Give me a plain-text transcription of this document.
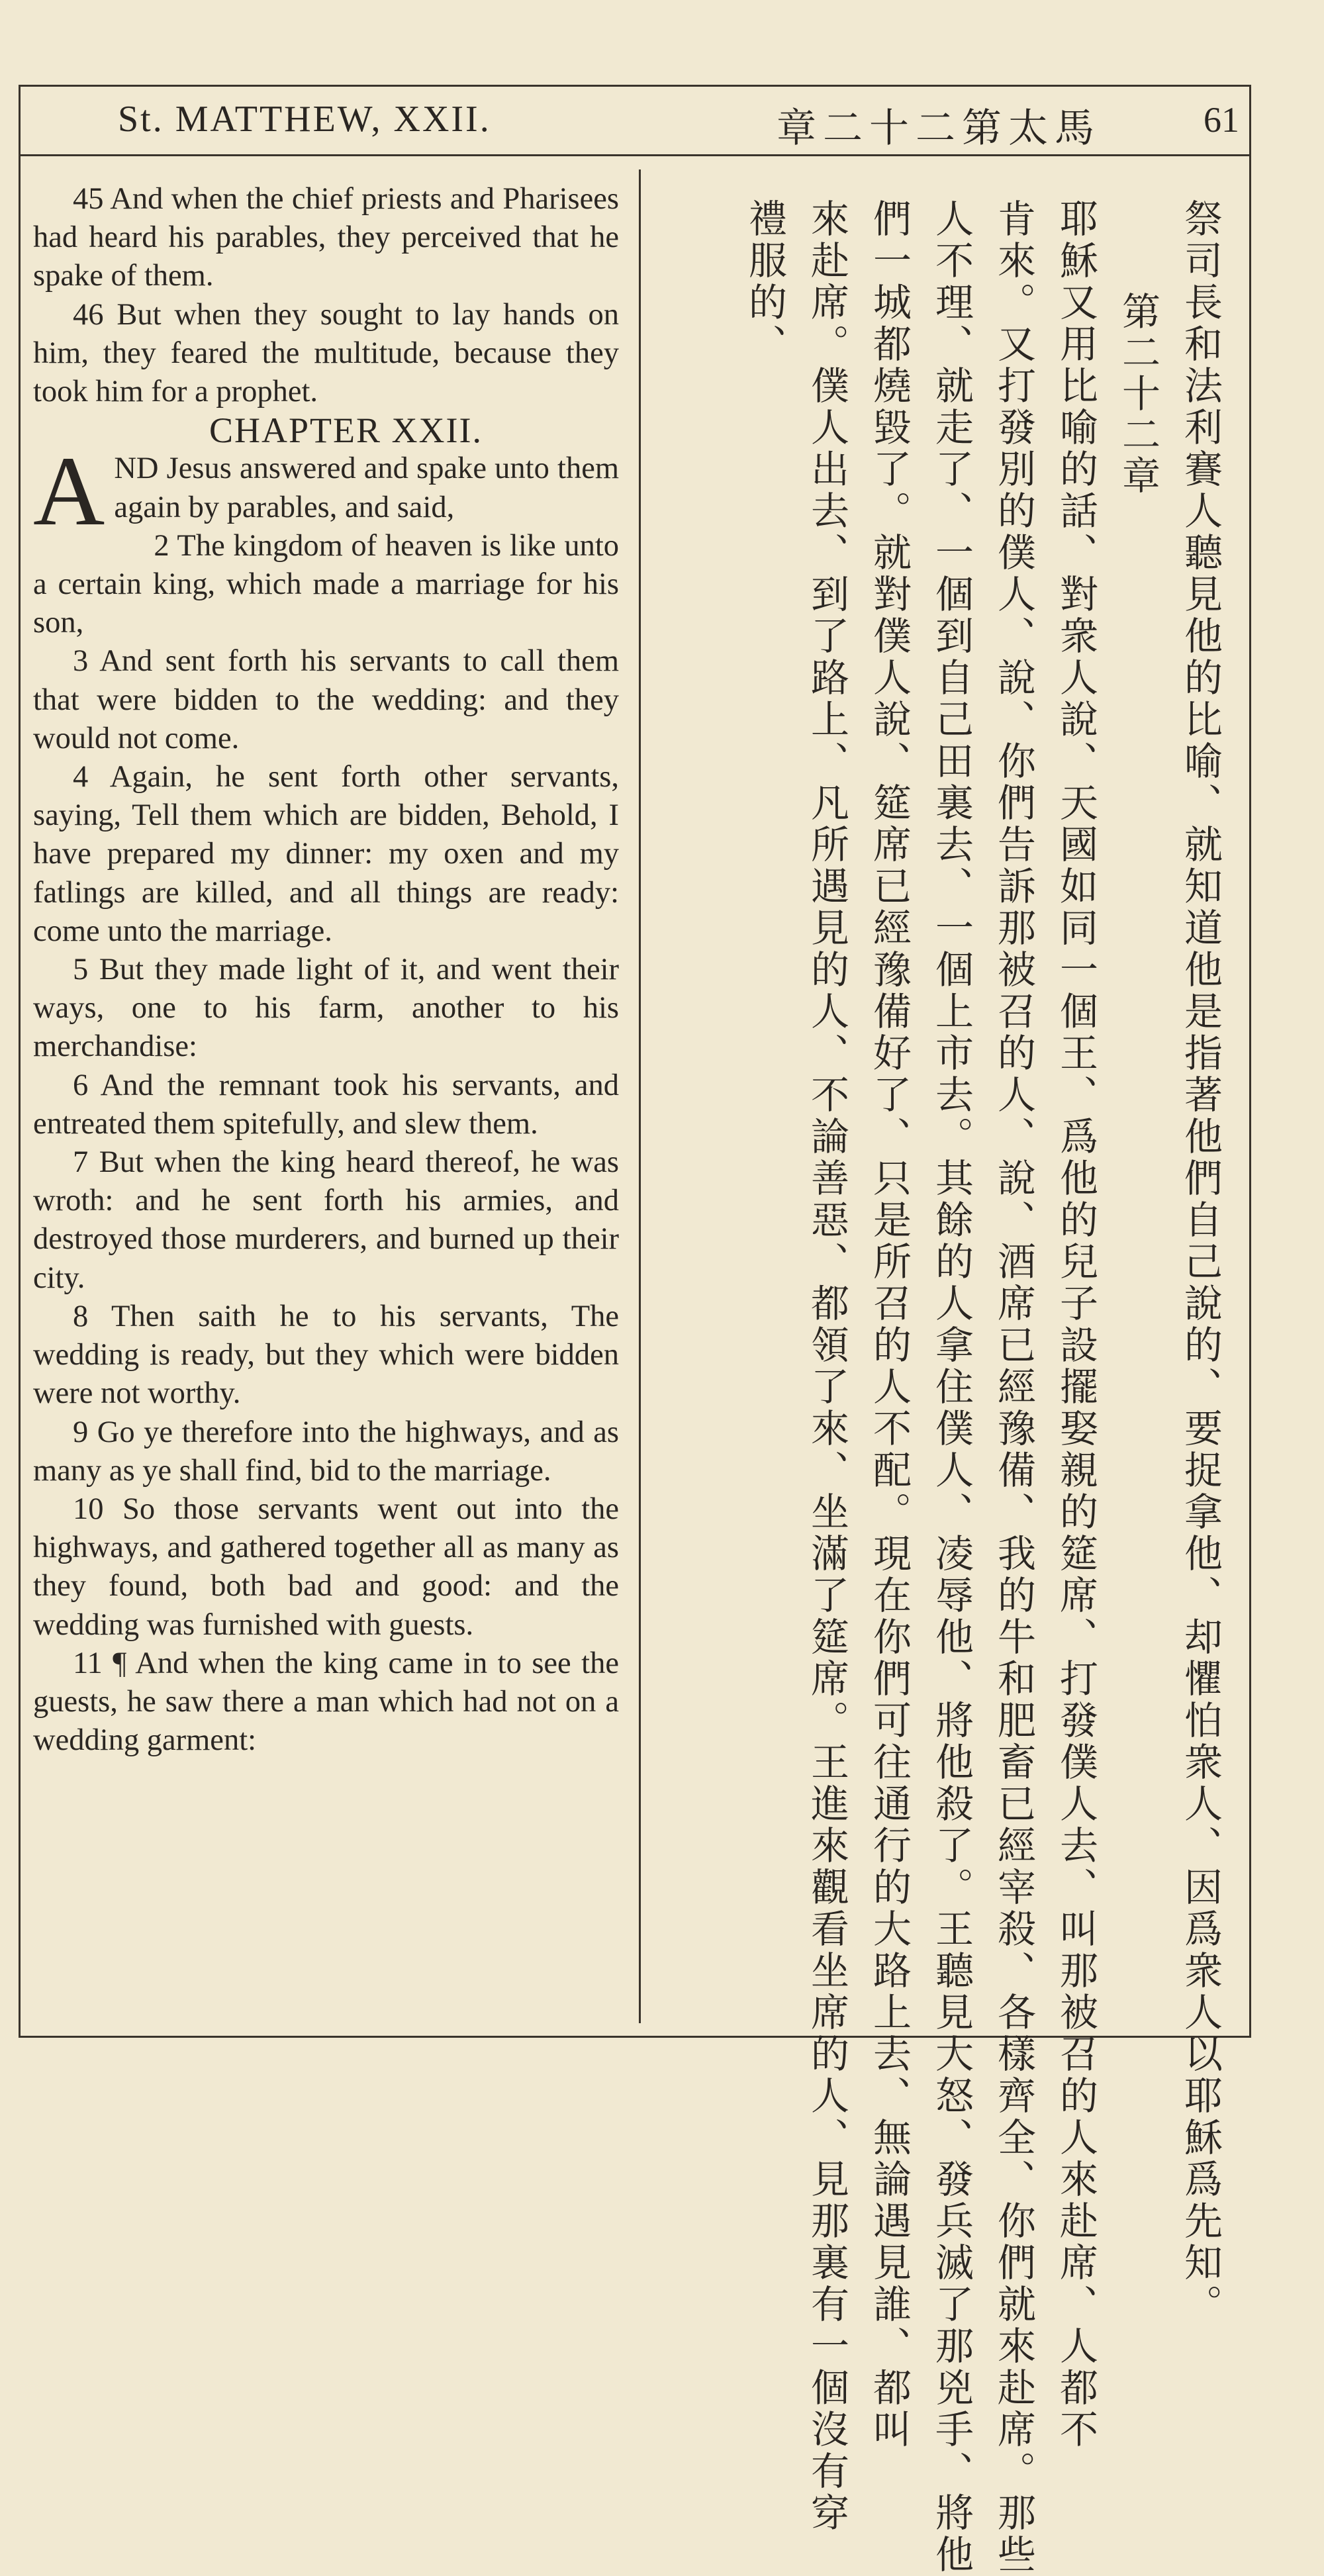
St. MATTHEW, XXII.	章二十二第太馬	61

45 And when the chief priests and Pharisees had heard his parables, they perceived that he spake of them.

46 But when they sought to lay hands on him, they feared the multitude, because they took him for a prophet.

CHAPTER XXII.

AND Jesus answered and spake unto them again by parables, and said,

2 The kingdom of heaven is like unto a certain king, which made a marriage for his son,

3 And sent forth his servants to call them that were bidden to the wedding: and they would not come.

4 Again, he sent forth other servants, saying, Tell them which are bidden, Behold, I have prepared my dinner: my oxen and my fatlings are killed, and all things are ready: come unto the marriage.

5 But they made light of it, and went their ways, one to his farm, another to his merchandise:

6 And the remnant took his servants, and entreated them spitefully, and slew them.

7 But when the king heard thereof, he was wroth: and he sent forth his armies, and destroyed those murderers, and burned up their city.

8 Then saith he to his servants, The wedding is ready, but they which were bidden were not worthy.

9 Go ye therefore into the highways, and as many as ye shall find, bid to the marriage.

10 So those servants went out into the highways, and gathered together all as many as they found, both bad and good: and the wedding was furnished with guests.

11 ¶ And when the king came in to see the guests, he saw there a man which had not on a wedding garment:	祭司長和法利賽人聽見他的比喻、就知道他是指著他們自己說的、要捉拿他、却懼怕衆人、因爲衆人以耶穌爲先知。
第二十二章
耶穌又用比喻的話、對衆人說、天國如同一個王、爲他的兒子設擺娶親的筵席、打發僕人去、叫那被召的人來赴席、人都不
肯來。又打發別的僕人、說、你們告訴那被召的人、說、酒席已經豫備、我的牛和肥畜已經宰殺、各樣齊全、你們就來赴席。那些
人不理、就走了、一個到自己田裏去、一個上市去。其餘的人拿住僕人、凌辱他、將他殺了。王聽見大怒、發兵滅了那兇手、將他
們一城都燒毀了。就對僕人說、筵席已經豫備好了、只是所召的人不配。現在你們可往通行的大路上去、無論遇見誰、都叫
來赴席。僕人出去、到了路上、凡所遇見的人、不論善惡、都領了來、坐滿了筵席。王進來觀看坐席的人、見那裏有一個沒有穿
禮服的、
